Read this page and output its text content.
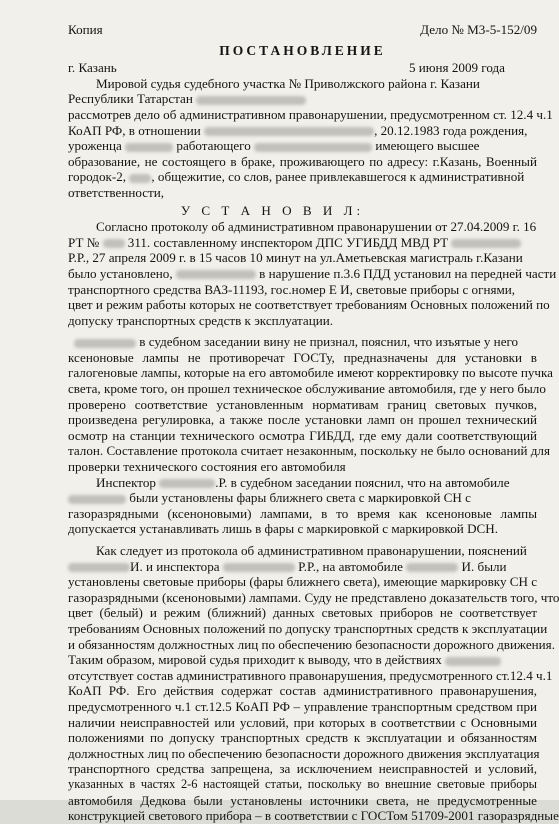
Копия	Дело № М3-5-152/09
ПОСТАНОВЛЕНИЕ
г. Казань	5 июня 2009 года
Мировой судья судебного участка № Приволжского района г. Казани
Республики Татарстан
рассмотрев дело об административном правонарушении, предусмотренном ст. 12.4 ч.1
КоАП РФ, в отношении	, 20.12.1983 года рождения,
уроженца	работающего	имеющего высшее
образование, не состоящего в браке, проживающего по адресу: г.Казань, Военный
городок-2, , общежитие, со слов, ранее привлекавшегося к административной
ответственности,
У С Т А Н О В И Л:
Согласно протоколу об административном правонарушении от 27.04.2009 г. 16
РТ № 311. составленному инспектором ДПС УГИБДД МВД РТ
Р.Р., 27 апреля 2009 г. в 15 часов 10 минут на ул.Аметьевская магистраль г.Казани
было установлено,	в нарушение п.3.6 ПДД установил на передней части
транспортного средства ВАЗ-11193, гос.номер Е И, световые приборы с огнями,
цвет и режим работы которых не соответствует требованиям Основных положений по
допуску транспортных средств к эксплуатации.
в судебном заседании вину не признал, пояснил, что изъятые у него
ксеноновые лампы не противоречат ГОСТу, предназначены для установки в
галогеновые лампы, которые на его автомобиле имеют корректировку по высоте пучка
света, кроме того, он прошел техническое обслуживание автомобиля, где у него было
проверено соответствие установленным нормативам границ световых пучков,
произведена регулировка, а также после установки ламп он прошел технический
осмотр на станции технического осмотра ГИБДД, где ему дали соответствующий
талон. Составление протокола считает незаконным, поскольку не было оснований для
проверки технического состояния его автомобиля
Инспектор	.Р. в судебном заседании пояснил, что на автомобиле
были установлены фары ближнего света с маркировкой СН с
газоразрядными (ксеноновыми) лампами, в то время как ксеноновые лампы
допускается устанавливать лишь в фары с маркировкой с маркировкой DCH.
Как следует из протокола об административном правонарушении, пояснений
И. и инспектора	Р.Р., на автомобиле	И. были
установлены световые приборы (фары ближнего света), имеющие маркировку СН с
газоразрядными (ксеноновыми) лампами. Суду не представлено доказательств того, что
цвет (белый) и режим (ближний) данных световых приборов не соответствует
требованиям Основных положений по допуску транспортных средств к эксплуатации
и обязанностям должностных лиц по обеспечению безопасности дорожного движения.
Таким образом, мировой судья приходит к выводу, что в действиях
отсутствует состав административного правонарушения, предусмотренного ст.12.4 ч.1
КоАП РФ. Его действия содержат состав административного правонарушения,
предусмотренного ч.1 ст.12.5 КоАП РФ – управление транспортным средством при
наличии неисправностей или условий, при которых в соответствии с Основными
положениями по допуску транспортных средств к эксплуатации и обязанностям
должностных лиц по обеспечению безопасности дорожного движения эксплуатация
транспортного средства запрещена, за исключением неисправностей и условий,
указанных в частях 2-6 настоящей статьи, поскольку во внешние световые приборы
автомобиля Дедкова были установлены источники света, не предусмотренные
конструкцией светового прибора – в соответствии с ГОСТом 51709-2001 газоразрядные
